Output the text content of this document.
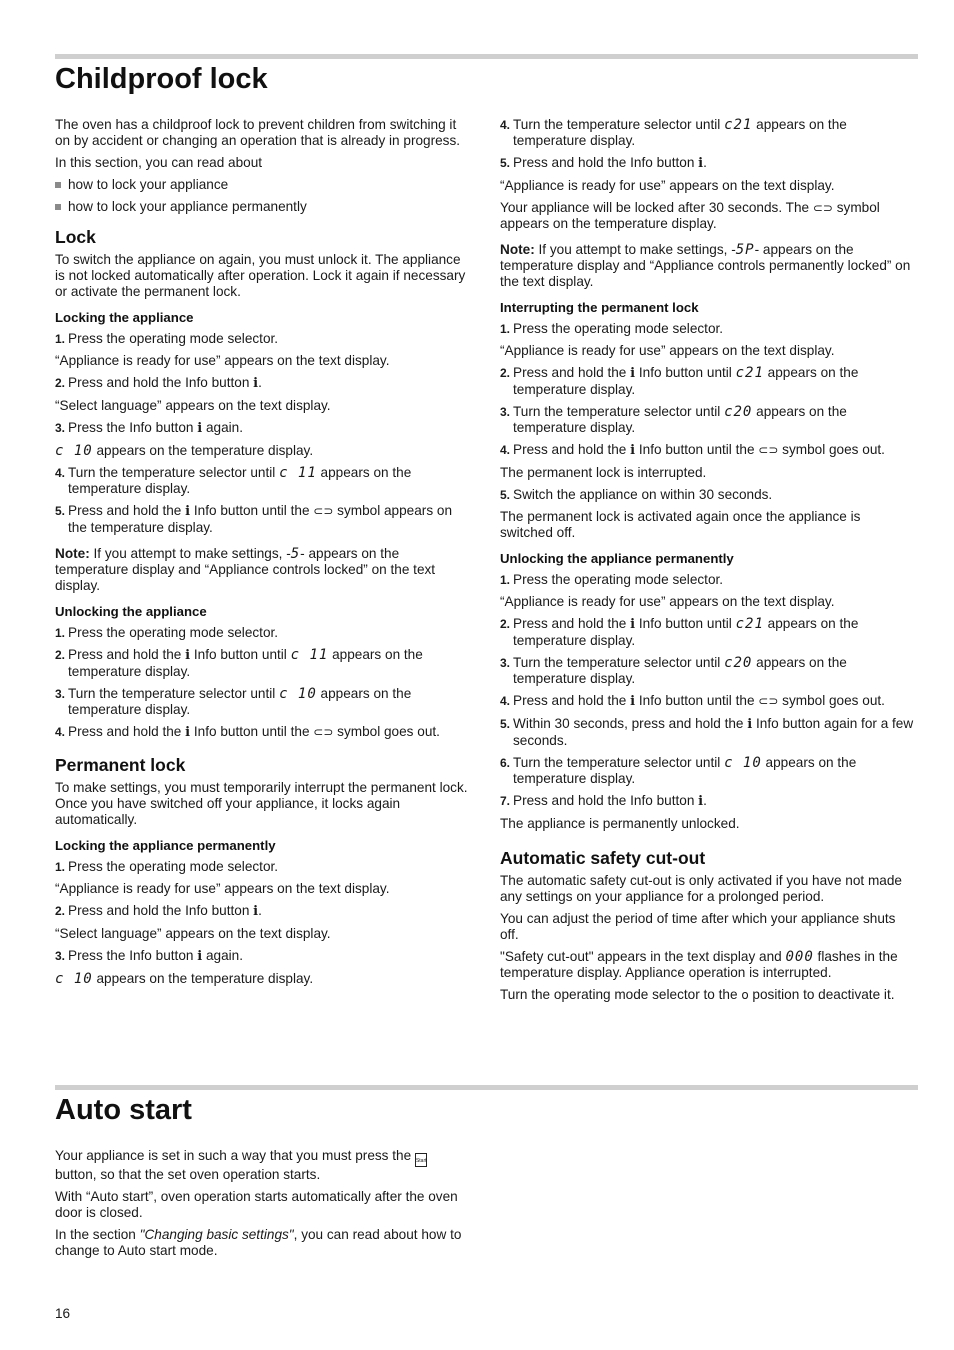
Childproof lock

The oven has a childproof lock to prevent children from switching it on by accident or changing an operation that is already in progress.

In this section, you can read about

how to lock your appliance
how to lock your appliance permanently
Lock

To switch the appliance on again, you must unlock it. The appliance is not locked automatically after operation. Lock it again if necessary or activate the permanent lock.

Locking the appliance
1. Press the operating mode selector.

“Appliance is ready for use” appears on the text display.

2. Press and hold the Info button i.

“Select language” appears on the text display.

3. Press the Info button i again.

c 10 appears on the temperature display.

4. Turn the temperature selector until c 11 appears on the temperature display.
5. Press and hold the i Info button until the ⊂⊃ symbol appears on the temperature display.

Note: If you attempt to make settings, -5- appears on the temperature display and “Appliance controls locked” on the text display.

Unlocking the appliance
1. Press the operating mode selector.
2. Press and hold the i Info button until c 11 appears on the temperature display.
3. Turn the temperature selector until c 10 appears on the temperature display.
4. Press and hold the i Info button until the ⊂⊃ symbol goes out.
Permanent lock

To make settings, you must temporarily interrupt the permanent lock. Once you have switched off your appliance, it locks again automatically.

Locking the appliance permanently
1. Press the operating mode selector.

“Appliance is ready for use” appears on the text display.

2. Press and hold the Info button i.

“Select language” appears on the text display.

3. Press the Info button i again.

c 10 appears on the temperature display.

4. Turn the temperature selector until c21 appears on the temperature display.
5. Press and hold the Info button i.

“Appliance is ready for use” appears on the text display.

Your appliance will be locked after 30 seconds. The ⊂⊃ symbol appears on the temperature display.

Note: If you attempt to make settings, -5P- appears on the temperature display and “Appliance controls permanently locked” on the text display.

Interrupting the permanent lock
1. Press the operating mode selector.

“Appliance is ready for use” appears on the text display.

2. Press and hold the i Info button until c21 appears on the temperature display.
3. Turn the temperature selector until c20 appears on the temperature display.
4. Press and hold the i Info button until the ⊂⊃ symbol goes out.

The permanent lock is interrupted.

5. Switch the appliance on within 30 seconds.

The permanent lock is activated again once the appliance is switched off.

Unlocking the appliance permanently
1. Press the operating mode selector.

“Appliance is ready for use” appears on the text display.

2. Press and hold the i Info button until c21 appears on the temperature display.
3. Turn the temperature selector until c20 appears on the temperature display.
4. Press and hold the i Info button until the ⊂⊃ symbol goes out.
5. Within 30 seconds, press and hold the i Info button again for a few seconds.
6. Turn the temperature selector until c 10 appears on the temperature display.
7. Press and hold the Info button i.

The appliance is permanently unlocked.

Automatic safety cut-out

The automatic safety cut-out is only activated if you have not made any settings on your appliance for a prolonged period.

You can adjust the period of time after which your appliance shuts off.

"Safety cut-out" appears in the text display and 000 flashes in the temperature display. Appliance operation is interrupted.

Turn the operating mode selector to the o position to deactivate it.

Auto start

Your appliance is set in such a way that you must press the Start button, so that the set oven operation starts.

With “Auto start”, oven operation starts automatically after the oven door is closed.

In the section "Changing basic settings", you can read about how to change to Auto start mode.

16
